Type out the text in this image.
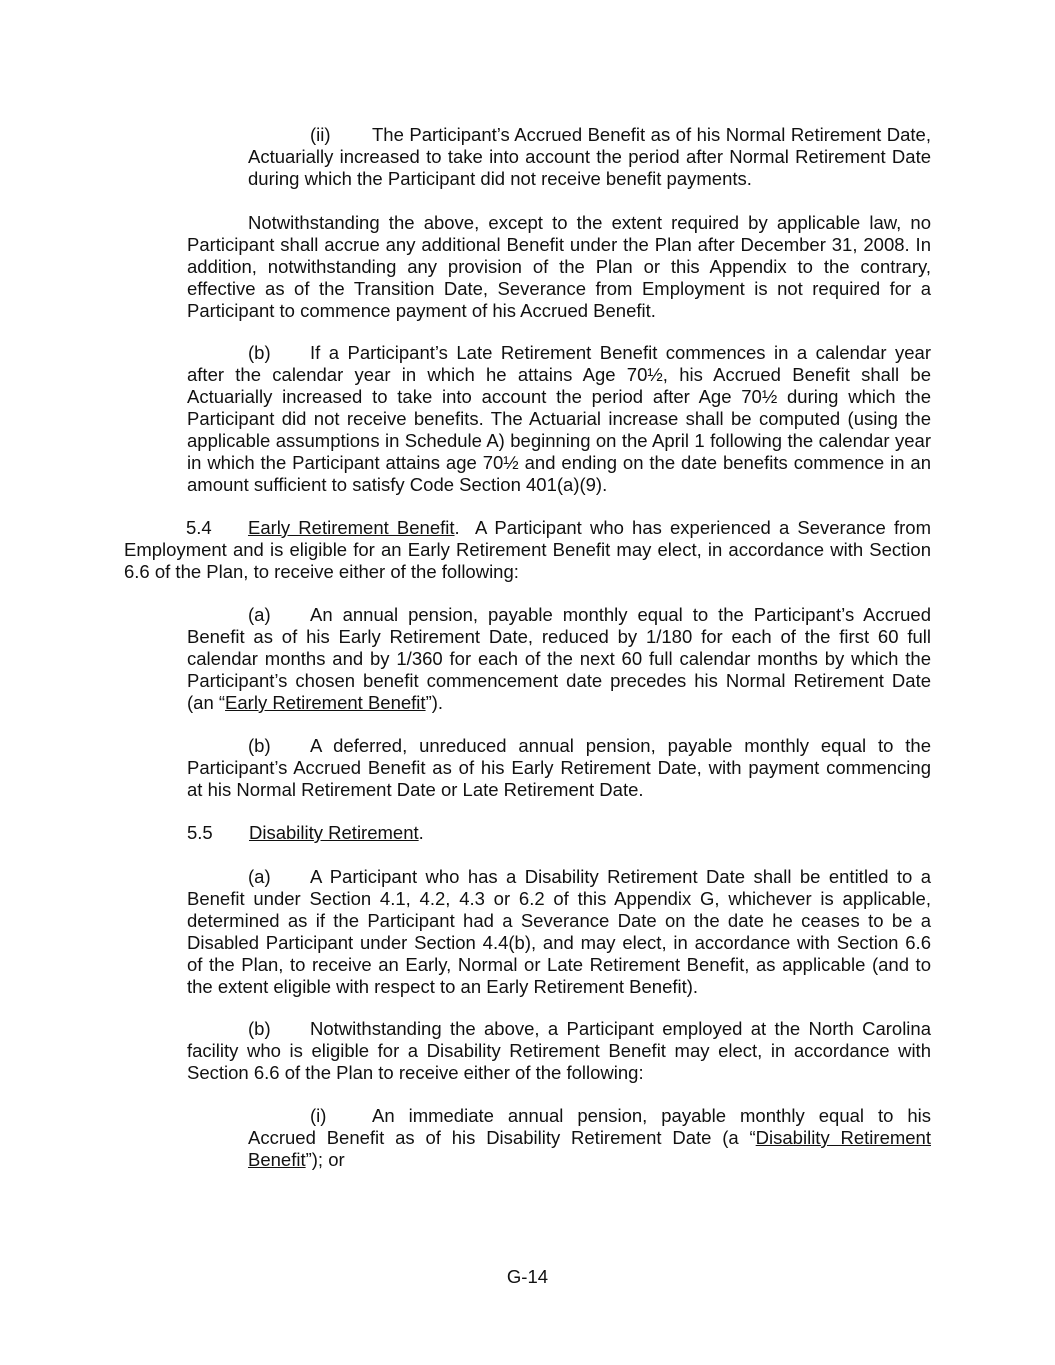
(ii) The Participant’s Accrued Benefit as of his Normal Retirement Date, Actuarially increased to take into account the period after Normal Retirement Date during which the Participant did not receive benefit payments.

Notwithstanding the above, except to the extent required by applicable law, no Participant shall accrue any additional Benefit under the Plan after December 31, 2008. In addition, notwithstanding any provision of the Plan or this Appendix to the contrary, effective as of the Transition Date, Severance from Employment is not required for a Participant to commence payment of his Accrued Benefit.

(b) If a Participant’s Late Retirement Benefit commences in a calendar year after the calendar year in which he attains Age 70½, his Accrued Benefit shall be Actuarially increased to take into account the period after Age 70½ during which the Participant did not receive benefits. The Actuarial increase shall be computed (using the applicable assumptions in Schedule A) beginning on the April 1 following the calendar year in which the Participant attains age 70½ and ending on the date benefits commence in an amount sufficient to satisfy Code Section 401(a)(9).

5.4 Early Retirement Benefit. A Participant who has experienced a Severance from Employment and is eligible for an Early Retirement Benefit may elect, in accordance with Section 6.6 of the Plan, to receive either of the following:

(a) An annual pension, payable monthly equal to the Participant’s Accrued Benefit as of his Early Retirement Date, reduced by 1/180 for each of the first 60 full calendar months and by 1/360 for each of the next 60 full calendar months by which the Participant’s chosen benefit commencement date precedes his Normal Retirement Date (an “Early Retirement Benefit”).

(b) A deferred, unreduced annual pension, payable monthly equal to the Participant’s Accrued Benefit as of his Early Retirement Date, with payment commencing at his Normal Retirement Date or Late Retirement Date.

5.5 Disability Retirement.

(a) A Participant who has a Disability Retirement Date shall be entitled to a Benefit under Section 4.1, 4.2, 4.3 or 6.2 of this Appendix G, whichever is applicable, determined as if the Participant had a Severance Date on the date he ceases to be a Disabled Participant under Section 4.4(b), and may elect, in accordance with Section 6.6 of the Plan, to receive an Early, Normal or Late Retirement Benefit, as applicable (and to the extent eligible with respect to an Early Retirement Benefit).

(b) Notwithstanding the above, a Participant employed at the North Carolina facility who is eligible for a Disability Retirement Benefit may elect, in accordance with Section 6.6 of the Plan to receive either of the following:

(i) An immediate annual pension, payable monthly equal to his Accrued Benefit as of his Disability Retirement Date (a “Disability Retirement Benefit”); or

G-14
